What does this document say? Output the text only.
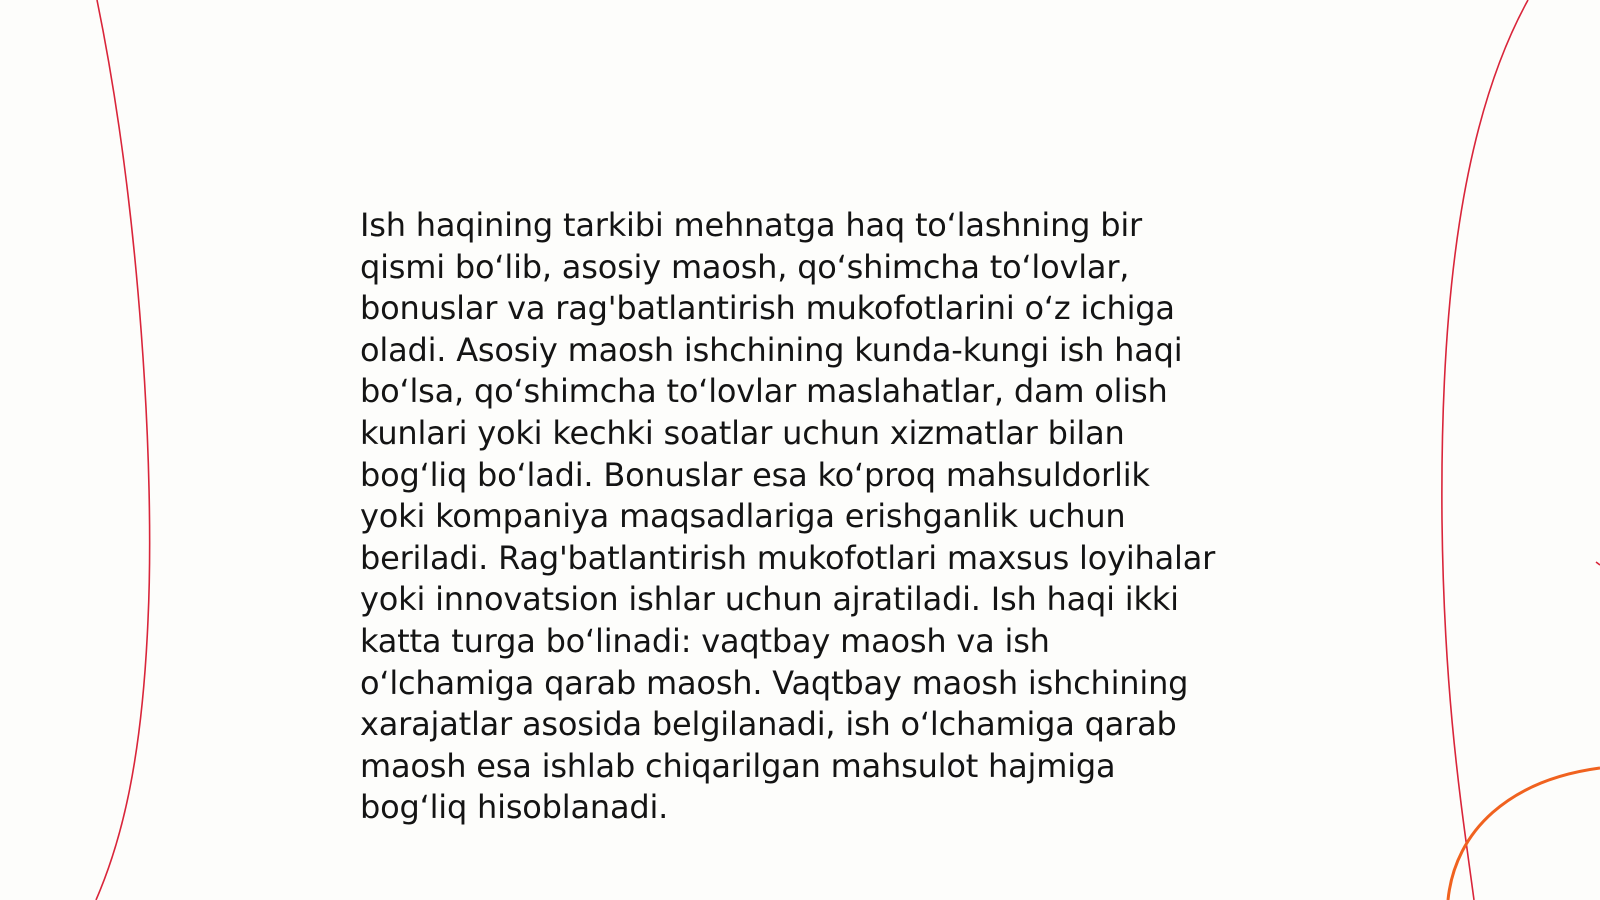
Ish haqining tarkibi mehnatga haq to‘lashning bir
qismi bo‘lib, asosiy maosh, qo‘shimcha to‘lovlar,
bonuslar va rag'batlantirish mukofotlarini o‘z ichiga
oladi. Asosiy maosh ishchining kunda-kungi ish haqi
bo‘lsa, qo‘shimcha to‘lovlar maslahatlar, dam olish
kunlari yoki kechki soatlar uchun xizmatlar bilan
bog‘liq bo‘ladi. Bonuslar esa ko‘proq mahsuldorlik
yoki kompaniya maqsadlariga erishganlik uchun
beriladi. Rag'batlantirish mukofotlari maxsus loyihalar
yoki innovatsion ishlar uchun ajratiladi. Ish haqi ikki
katta turga bo‘linadi: vaqtbay maosh va ish
o‘lchamiga qarab maosh. Vaqtbay maosh ishchining
xarajatlar asosida belgilanadi, ish o‘lchamiga qarab
maosh esa ishlab chiqarilgan mahsulot hajmiga
bog‘liq hisoblanadi.
